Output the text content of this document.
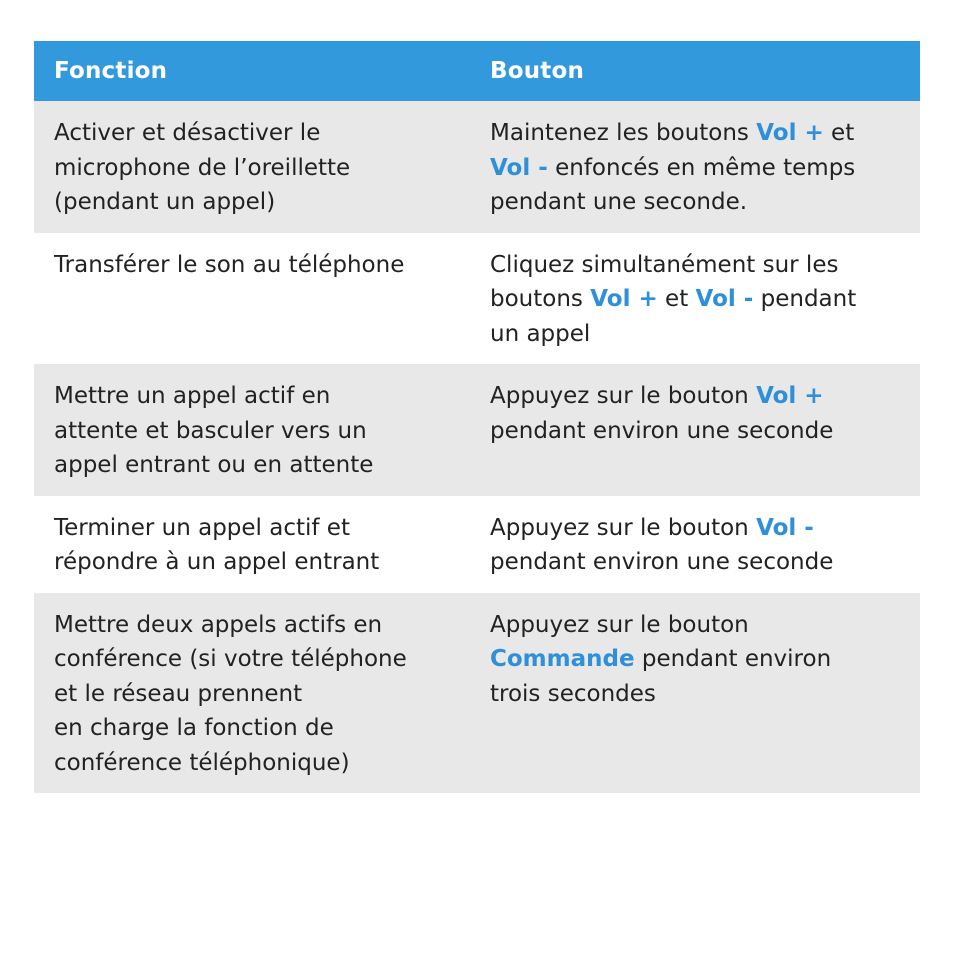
Fonction	Bouton
Activer et désactiver le
microphone de l’oreillette
(pendant un appel)
Maintenez les boutons Vol + et
Vol - enfoncés en même temps
pendant une seconde.
Transférer le son au téléphone	Cliquez simultanément sur les
boutons Vol + et Vol - pendant
un appel
Mettre un appel actif en
attente et basculer vers un
appel entrant ou en attente
Appuyez sur le bouton Vol +
pendant environ une seconde
Terminer un appel actif et
répondre à un appel entrant
Appuyez sur le bouton Vol -
pendant environ une seconde
Mettre deux appels actifs en
conférence (si votre téléphone
et le réseau prennent
en charge la fonction de
conférence téléphonique)
Appuyez sur le bouton
Commande pendant environ
trois secondes
